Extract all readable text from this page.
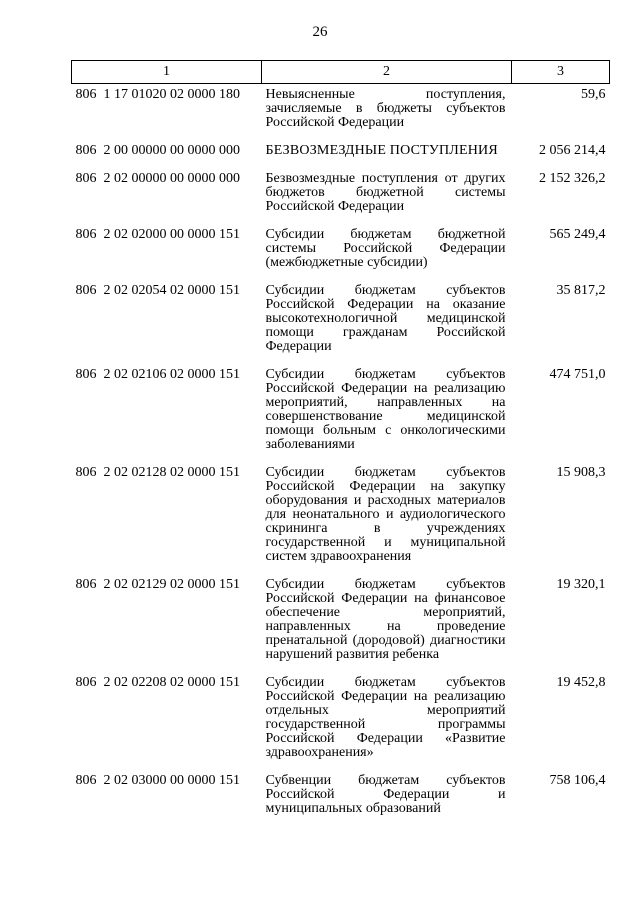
26
1	2	3
806  1 17 01020 02 0000 180	Невыясненные поступления, зачисляемые в бюджеты субъектов Российской Федерации	59,6
806  2 00 00000 00 0000 000	БЕЗВОЗМЕЗДНЫЕ ПОСТУПЛЕНИЯ	2 056 214,4
806  2 02 00000 00 0000 000	Безвозмездные поступления от других бюджетов бюджетной системы Российской Федерации	2 152 326,2
806  2 02 02000 00 0000 151	Субсидии бюджетам бюджетной системы Российской Федерации (межбюджетные субсидии)	565 249,4
806  2 02 02054 02 0000 151	Субсидии бюджетам субъектов Российской Федерации на оказание высокотехнологичной медицинской помощи гражданам Российской Федерации	35 817,2
806  2 02 02106 02 0000 151	Субсидии бюджетам субъектов Российской Федерации на реализацию мероприятий, направленных на совершенствование медицинской помощи больным с онкологическими заболеваниями	474 751,0
806  2 02 02128 02 0000 151	Субсидии бюджетам субъектов Российской Федерации на закупку оборудования и расходных материалов для неонатального и аудиологического скрининга в учреждениях государственной и муниципальной систем здравоохранения	15 908,3
806  2 02 02129 02 0000 151	Субсидии бюджетам субъектов Российской Федерации на финансовое обеспечение мероприятий, направленных на проведение пренатальной (дородовой) диагностики нарушений развития ребенка	19 320,1
806  2 02 02208 02 0000 151	Субсидии бюджетам субъектов Российской Федерации на реализацию отдельных мероприятий государственной программы Российской Федерации «Развитие здравоохранения»	19 452,8
806  2 02 03000 00 0000 151	Субвенции бюджетам субъектов Российской Федерации и муниципальных образований	758 106,4
